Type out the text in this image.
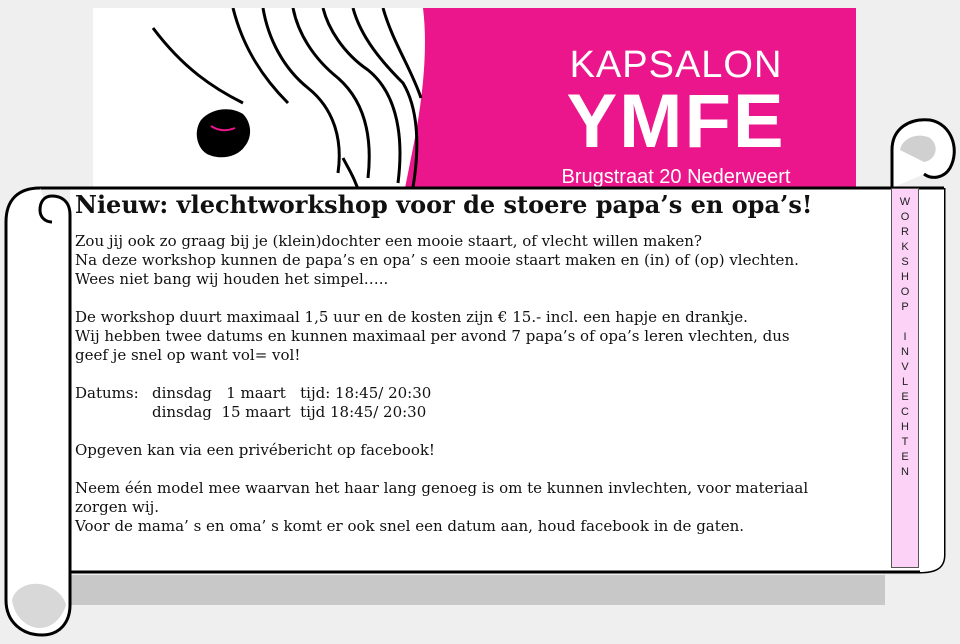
KAPSALON
YMFE
Brugstraat 20 Nederweert
Nieuw: vlechtworkshop voor de stoere papa’s en opa’s!

Zou jij ook zo graag bij je (klein)dochter een mooie staart, of vlecht willen maken?

Na deze workshop kunnen de papa’s en opa’ s een mooie staart maken en (in) of (op) vlechten.

Wees niet bang wij houden het simpel…..

De workshop duurt maximaal 1,5 uur en de kosten zijn € 15.- incl. een hapje en drankje.

Wij hebben twee datums en kunnen maximaal per avond 7 papa’s of opa’s leren vlechten, dus

geef je snel op want vol= vol!

Datums: dinsdag   1 maart   tijd: 18:45/ 20:30
dinsdag  15 maart  tijd 18:45/ 20:30

Opgeven kan via een privébericht op facebook!

Neem één model mee waarvan het haar lang genoeg is om te kunnen invlechten, voor materiaal

zorgen wij.

Voor de mama’ s en oma’ s komt er ook snel een datum aan, houd facebook in de gaten.

W
O
R
K
S
H
O
P

I
N
V
L
E
C
H
T
E
N
